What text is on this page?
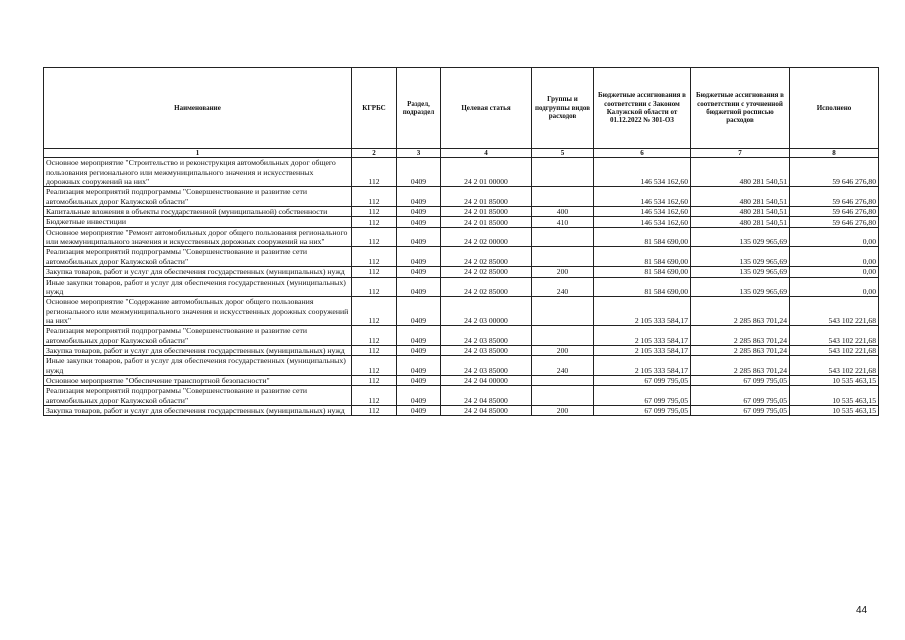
Наименование	КГРБС	Раздел, подраздел	Целевая статья	Группы и подгруппы видов расходов	Бюджетные ассигнования в соответствии с Законом Калужской области от 01.12.2022 № 301-ОЗ	Бюджетные ассигнования в соответствии с уточненной бюджетной росписью расходов	Исполнено
1	2	3	4	5	6	7	8
Основное мероприятие "Строительство и реконструкция автомобильных дорог общего пользования регионального или межмуниципального значения и искусственных дорожных сооружений на них"	112	0409	24 2 01 00000		146 534 162,60	480 281 540,51	59 646 276,80
Реализация мероприятий подпрограммы "Совершенствование и развитие сети автомобильных дорог Калужской области"	112	0409	24 2 01 85000		146 534 162,60	480 281 540,51	59 646 276,80
Капитальные вложения в объекты государственной (муниципальной) собственности	112	0409	24 2 01 85000	400	146 534 162,60	480 281 540,51	59 646 276,80
Бюджетные инвестиции	112	0409	24 2 01 85000	410	146 534 162,60	480 281 540,51	59 646 276,80
Основное мероприятие "Ремонт автомобильных дорог общего пользования регионального или межмуниципального значения и искусственных дорожных сооружений на них"	112	0409	24 2 02 00000		81 584 690,00	135 029 965,69	0,00
Реализация мероприятий подпрограммы "Совершенствование и развитие сети автомобильных дорог Калужской области"	112	0409	24 2 02 85000		81 584 690,00	135 029 965,69	0,00
Закупка товаров, работ и услуг для обеспечения государственных (муниципальных) нужд	112	0409	24 2 02 85000	200	81 584 690,00	135 029 965,69	0,00
Иные закупки товаров, работ и услуг для обеспечения государственных (муниципальных) нужд	112	0409	24 2 02 85000	240	81 584 690,00	135 029 965,69	0,00
Основное мероприятие "Содержание автомобильных дорог общего пользования регионального или межмуниципального значения и искусственных дорожных сооружений на них"	112	0409	24 2 03 00000		2 105 333 584,17	2 285 863 701,24	543 102 221,68
Реализация мероприятий подпрограммы "Совершенствование и развитие сети автомобильных дорог Калужской области"	112	0409	24 2 03 85000		2 105 333 584,17	2 285 863 701,24	543 102 221,68
Закупка товаров, работ и услуг для обеспечения государственных (муниципальных) нужд	112	0409	24 2 03 85000	200	2 105 333 584,17	2 285 863 701,24	543 102 221,68
Иные закупки товаров, работ и услуг для обеспечения государственных (муниципальных) нужд	112	0409	24 2 03 85000	240	2 105 333 584,17	2 285 863 701,24	543 102 221,68
Основное мероприятие "Обеспечение транспортной безопасности"	112	0409	24 2 04 00000		67 099 795,05	67 099 795,05	10 535 463,15
Реализация мероприятий подпрограммы "Совершенствование и развитие сети автомобильных дорог Калужской области"	112	0409	24 2 04 85000		67 099 795,05	67 099 795,05	10 535 463,15
Закупка товаров, работ и услуг для обеспечения государственных (муниципальных) нужд	112	0409	24 2 04 85000	200	67 099 795,05	67 099 795,05	10 535 463,15
44
